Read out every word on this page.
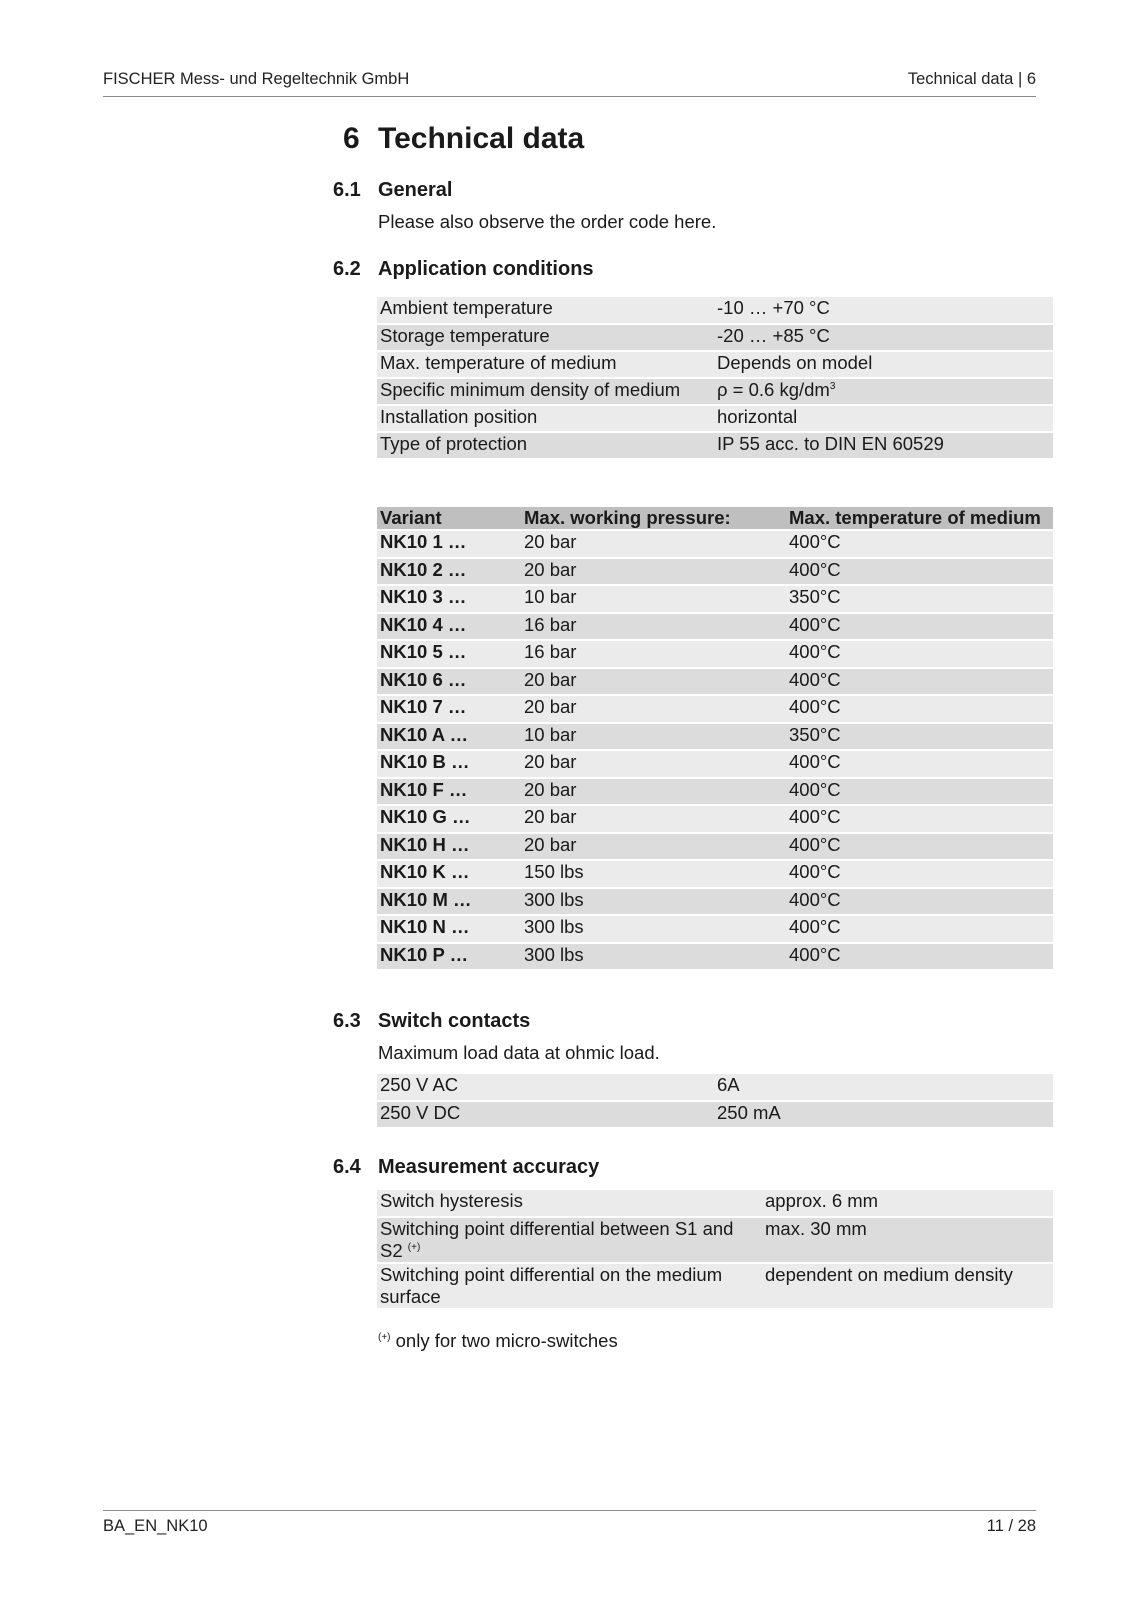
FISCHER Mess- und Regeltechnik GmbH	Technical data | 6
6 Technical data
6.1 General
Please also observe the order code here.
6.2 Application conditions
Ambient temperature	-10 … +70 °C
Storage temperature	-20 … +85 °C
Max. temperature of medium	Depends on model
Specific minimum density of medium	ρ = 0.6 $kg/dm^3$
Installation position	horizontal
Type of protection	IP 55 acc. to DIN EN 60529
Variant	Max. working pressure:	Max. temperature of medium
NK10 1 …	20 bar	400°C
NK10 2 …	20 bar	400°C
NK10 3 …	10 bar	350°C
NK10 4 …	16 bar	400°C
NK10 5 …	16 bar	400°C
NK10 6 …	20 bar	400°C
NK10 7 …	20 bar	400°C
NK10 A …	10 bar	350°C
NK10 B …	20 bar	400°C
NK10 F …	20 bar	400°C
NK10 G …	20 bar	400°C
NK10 H …	20 bar	400°C
NK10 K …	150 lbs	400°C
NK10 M …	300 lbs	400°C
NK10 N …	300 lbs	400°C
NK10 P …	300 lbs	400°C
6.3 Switch contacts
Maximum load data at ohmic load.
250 V AC	6A
250 V DC	250 mA
6.4 Measurement accuracy
Switch hysteresis	approx. 6 mm
Switching point differential between S1 and S2 (+)	max. 30 mm
Switching point differential on the medium surface	dependent on medium density
(+) only for two micro-switches
BA_EN_NK10	11 / 28
